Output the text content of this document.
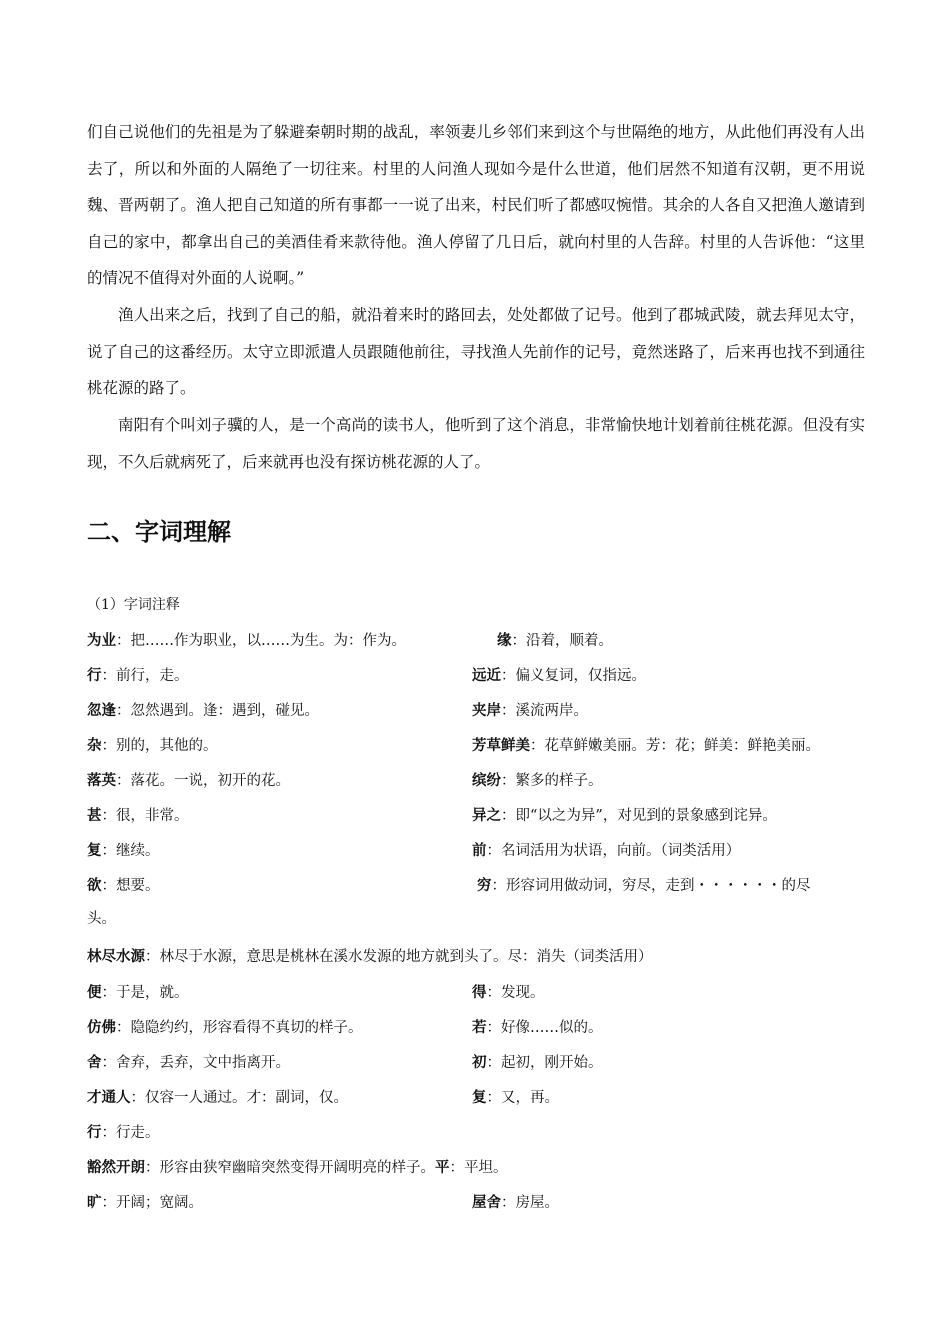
们自己说他们的先祖是为了躲避秦朝时期的战乱，率领妻儿乡邻们来到这个与世隔绝的地方，从此他们再没有人出去了，所以和外面的人隔绝了一切往来。村里的人问渔人现如今是什么世道，他们居然不知道有汉朝，更不用说魏、晋两朝了。渔人把自己知道的所有事都一一说了出来，村民们听了都感叹惋惜。其余的人各自又把渔人邀请到自己的家中，都拿出自己的美酒佳肴来款待他。渔人停留了几日后，就向村里的人告辞。村里的人告诉他：“这里的情况不值得对外面的人说啊。”

渔人出来之后，找到了自己的船，就沿着来时的路回去，处处都做了记号。他到了郡城武陵，就去拜见太守，说了自己的这番经历。太守立即派遣人员跟随他前往，寻找渔人先前作的记号，竟然迷路了，后来再也找不到通往桃花源的路了。

南阳有个叫刘子骥的人，是一个高尚的读书人，他听到了这个消息，非常愉快地计划着前往桃花源。但没有实现，不久后就病死了，后来就再也没有探访桃花源的人了。

二、字词理解
（1）字词注释
为业：把……作为职业，以……为生。为：作为。	缘：沿着，顺着。
行：前行，走。	远近：偏义复词，仅指远。
忽逢：忽然遇到。逢：遇到，碰见。	夹岸：溪流两岸。
杂：别的，其他的。	芳草鲜美：花草鲜嫩美丽。芳：花；鲜美：鲜艳美丽。
落英：落花。一说，初开的花。	缤纷：繁多的样子。
甚：很，非常。	异之：即“以之为异”，对见到的景象感到诧异。
复：继续。	前：名词活用为状语，向前。（词类活用）
欲：想要。	穷：形容词用做动词，穷尽，走到・・・・・・的尽
头。
林尽水源：林尽于水源，意思是桃林在溪水发源的地方就到头了。尽：消失（词类活用）
便：于是，就。	得：发现。
仿佛：隐隐约约，形容看得不真切的样子。	若：好像……似的。
舍：舍弃，丢弃，文中指离开。	初：起初，刚开始。
才通人：仅容一人通过。才：副词，仅。	复：又，再。
行：行走。
豁然开朗：形容由狭窄幽暗突然变得开阔明亮的样子。平：平坦。
旷：开阔；宽阔。	屋舍：房屋。
